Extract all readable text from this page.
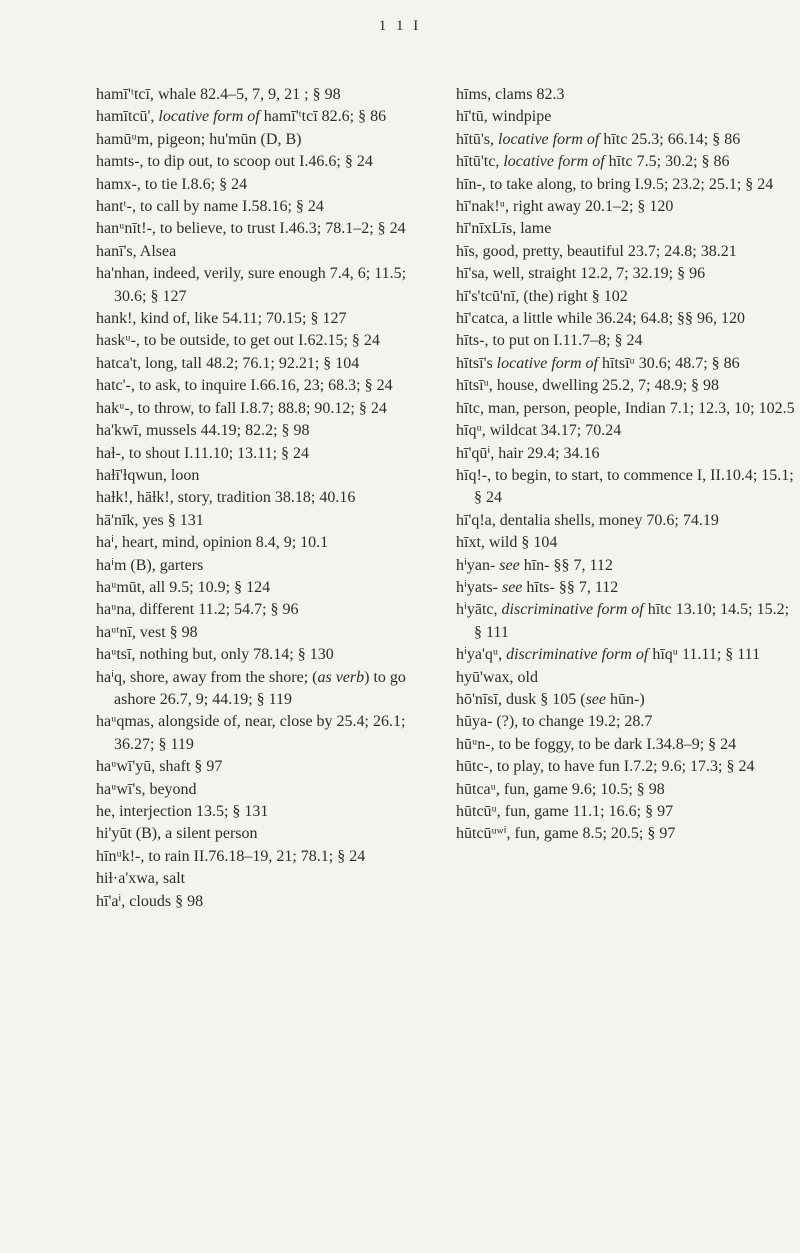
1 1 I
hamī'ᵗtcī, whale 82.4–5, 7, 9, 21 ; § 98
hamītcū', locative form of hamī'ᵗtcī 82.6; § 86
hamūᵘm, pigeon; hu'mūn (D, B)
hamts-, to dip out, to scoop out I.46.6; § 24
hamx-, to tie I.8.6; § 24
hantᵗ-, to call by name I.58.16; § 24
hanᵘnīt!-, to believe, to trust I.46.3; 78.1–2; § 24
hanī's, Alsea
ha'nhan, indeed, verily, sure enough 7.4, 6; 11.5; 30.6; § 127
hank!, kind of, like 54.11; 70.15; § 127
haskᵘ-, to be outside, to get out I.62.15; § 24
hatca't, long, tall 48.2; 76.1; 92.21; § 104
hatc'-, to ask, to inquire I.66.16, 23; 68.3; § 24
hakᵘ-, to throw, to fall I.8.7; 88.8; 90.12; § 24
ha'kwī, mussels 44.19; 82.2; § 98
haɫ-, to shout I.11.10; 13.11; § 24
haɫī'ɫqwun, loon
haɫk!, hāɫk!, story, tradition 38.18; 40.16
hā'nīk, yes § 131
haⁱ, heart, mind, opinion 8.4, 9; 10.1
haⁱm (B), garters
haᵘmūt, all 9.5; 10.9; § 124
haᵘna, different 11.2; 54.7; § 96
haᵘᵗnī, vest § 98
haᵘtsī, nothing but, only 78.14; § 130
haⁱq, shore, away from the shore; (as verb) to go ashore 26.7, 9; 44.19; § 119
haᵘqmas, alongside of, near, close by 25.4; 26.1; 36.27; § 119
haᵘwī'yū, shaft § 97
haᵘwī's, beyond
he, interjection 13.5; § 131
hi'yūt (B), a silent person
hīnᵘk!-, to rain II.76.18–19, 21; 78.1; § 24
hiɫ·a'xwa, salt
hī'aⁱ, clouds § 98
hīms, clams 82.3
hī'tū, windpipe
hītū's, locative form of hītc 25.3; 66.14; § 86
hītū'tc, locative form of hītc 7.5; 30.2; § 86
hīn-, to take along, to bring I.9.5; 23.2; 25.1; § 24
hī'nak!ᵘ, right away 20.1–2; § 120
hī'nīxLīs, lame
hīs, good, pretty, beautiful 23.7; 24.8; 38.21
hī'sa, well, straight 12.2, 7; 32.19; § 96
hī's'tcū'nī, (the) right § 102
hī'catca, a little while 36.24; 64.8; §§ 96, 120
hīts-, to put on I.11.7–8; § 24
hītsī's locative form of hītsīᵘ 30.6; 48.7; § 86
hītsīᵘ, house, dwelling 25.2, 7; 48.9; § 98
hītc, man, person, people, Indian 7.1; 12.3, 10; 102.5
hīqᵘ, wildcat 34.17; 70.24
hī'qūⁱ, hair 29.4; 34.16
hīq!-, to begin, to start, to commence I, II.10.4; 15.1; § 24
hī'q!a, dentalia shells, money 70.6; 74.19
hīxt, wild § 104
hⁱyan- see hīn- §§ 7, 112
hⁱyats- see hīts- §§ 7, 112
hⁱyātc, discriminative form of hītc 13.10; 14.5; 15.2; § 111
hⁱya'qᵘ, discriminative form of hīqᵘ 11.11; § 111
hyū'wax, old
hō'nīsī, dusk § 105 (see hūn-)
hūya- (?), to change 19.2; 28.7
hūᵘn-, to be foggy, to be dark I.34.8–9; § 24
hūtc-, to play, to have fun I.7.2; 9.6; 17.3; § 24
hūtcaᵘ, fun, game 9.6; 10.5; § 98
hūtcūᵘ, fun, game 11.1; 16.6; § 97
hūtcūᵘʷⁱ, fun, game 8.5; 20.5; § 97
